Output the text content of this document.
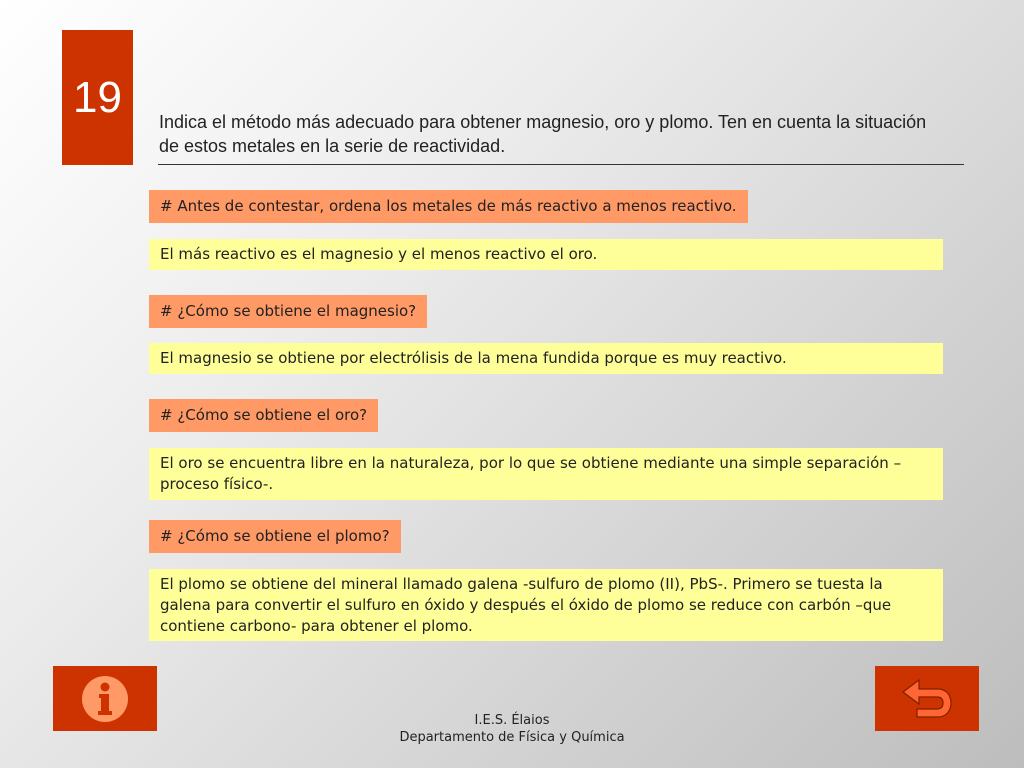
19
Indica el método más adecuado para obtener magnesio, oro y plomo. Ten en cuenta la situación de estos metales en la serie de reactividad.
# Antes de contestar, ordena los metales de más reactivo a menos reactivo.
El más reactivo es el magnesio y el menos reactivo el oro.
# ¿Cómo se obtiene el magnesio?
El magnesio se obtiene por electrólisis de la mena fundida porque es muy reactivo.
# ¿Cómo se obtiene el oro?
El oro se encuentra libre en la naturaleza, por lo que se obtiene mediante una simple separación –proceso físico-.
# ¿Cómo se obtiene el plomo?
El plomo se obtiene del mineral llamado galena -sulfuro de plomo (II), PbS-. Primero se tuesta la galena para convertir el sulfuro en óxido y después el óxido de plomo se reduce con carbón –que contiene carbono- para obtener el plomo.
I.E.S. Élaios
Departamento de Física y Química
